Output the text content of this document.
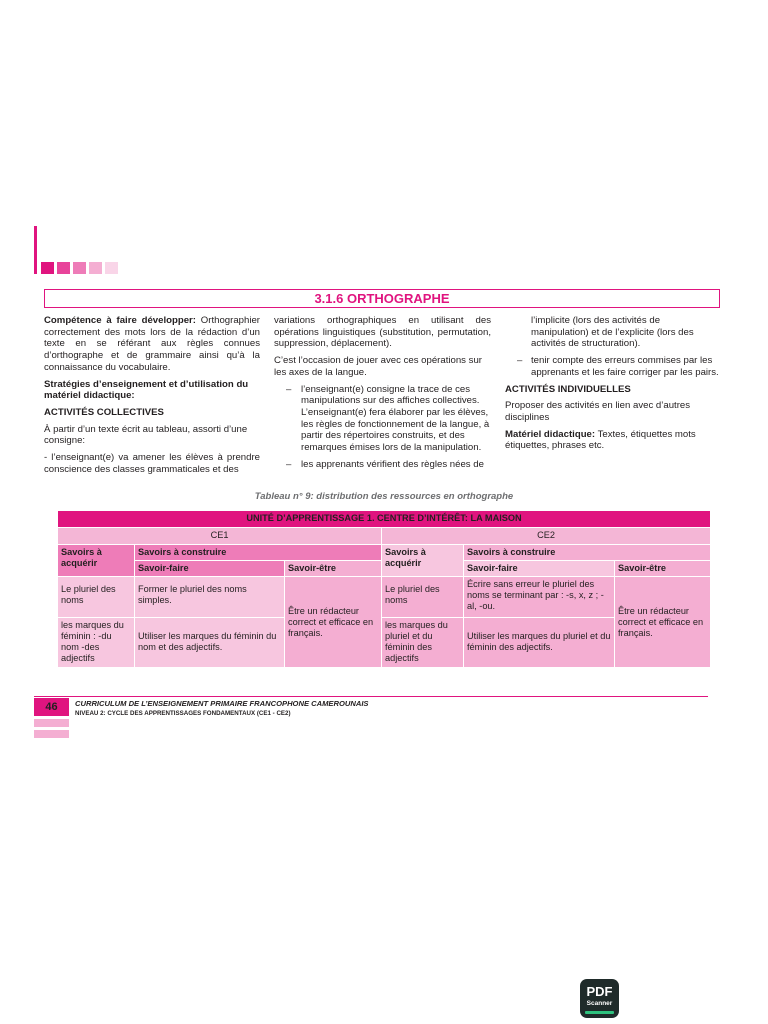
3.1.6 ORTHOGRAPHE

Compétence à faire développer: Orthographier correctement des mots lors de la rédaction d’un texte en se référant aux règles connues d’orthographe et de grammaire ainsi qu’à la connaissance du vocabulaire.

Stratégies d’enseignement et d’utilisation du matériel didactique:

ACTIVITÉS COLLECTIVES

À partir d’un texte écrit au tableau, assorti d’une consigne:

- l’enseignant(e) va amener les élèves à prendre conscience des classes grammaticales et des

variations orthographiques en utilisant des opérations linguistiques (substitution, permutation, suppression, déplacement).

C’est l’occasion de jouer avec ces opérations sur les axes de la langue.

– l’enseignant(e) consigne la trace de ces manipulations sur des affiches collectives. L’enseignant(e) fera élaborer par les élèves, les règles de fonctionnement de la langue, à partir des répertoires construits, et des remarques émises lors de la manipulation.

– les apprenants vérifient des règles nées de

l’implicite (lors des activités de manipulation) et de l’explicite (lors des activités de structuration).

– tenir compte des erreurs commises par les apprenants et les faire corriger par les pairs.

ACTIVITÉS INDIVIDUELLES

Proposer des activités en lien avec d’autres disciplines

Matériel didactique: Textes, étiquettes mots étiquettes, phrases etc.

Tableau n° 9: distribution des ressources en orthographe
UNITÉ D’APPRENTISSAGE 1. CENTRE D’INTÉRÊT: LA MAISON					
CE1			CE2		
Savoirs à acquérir	Savoirs à construire		Savoirs à acquérir	Savoirs à construire	
	Savoir-faire	Savoir-être		Savoir-faire	Savoir-être
Le pluriel des noms	Former le pluriel des noms simples.	Être un rédacteur correct et efficace en français.	Le pluriel des noms	Écrire sans erreur le pluriel des noms se terminant par : -s, x, z ; - al, -ou.	Être un rédacteur correct et efficace en français.
les marques du féminin : -du nom -des adjectifs	Utiliser les marques du féminin du nom et des adjectifs.		les marques du pluriel et du féminin des adjectifs	Utiliser les marques du pluriel et du féminin des adjectifs.	
46	CURRICULUM DE L’ENSEIGNEMENT PRIMAIRE FRANCOPHONE CAMEROUNAIS
NIVEAU 2: CYCLE DES APPRENTISSAGES FONDAMENTAUX (CE1 - CE2)
PDF
Scanner
